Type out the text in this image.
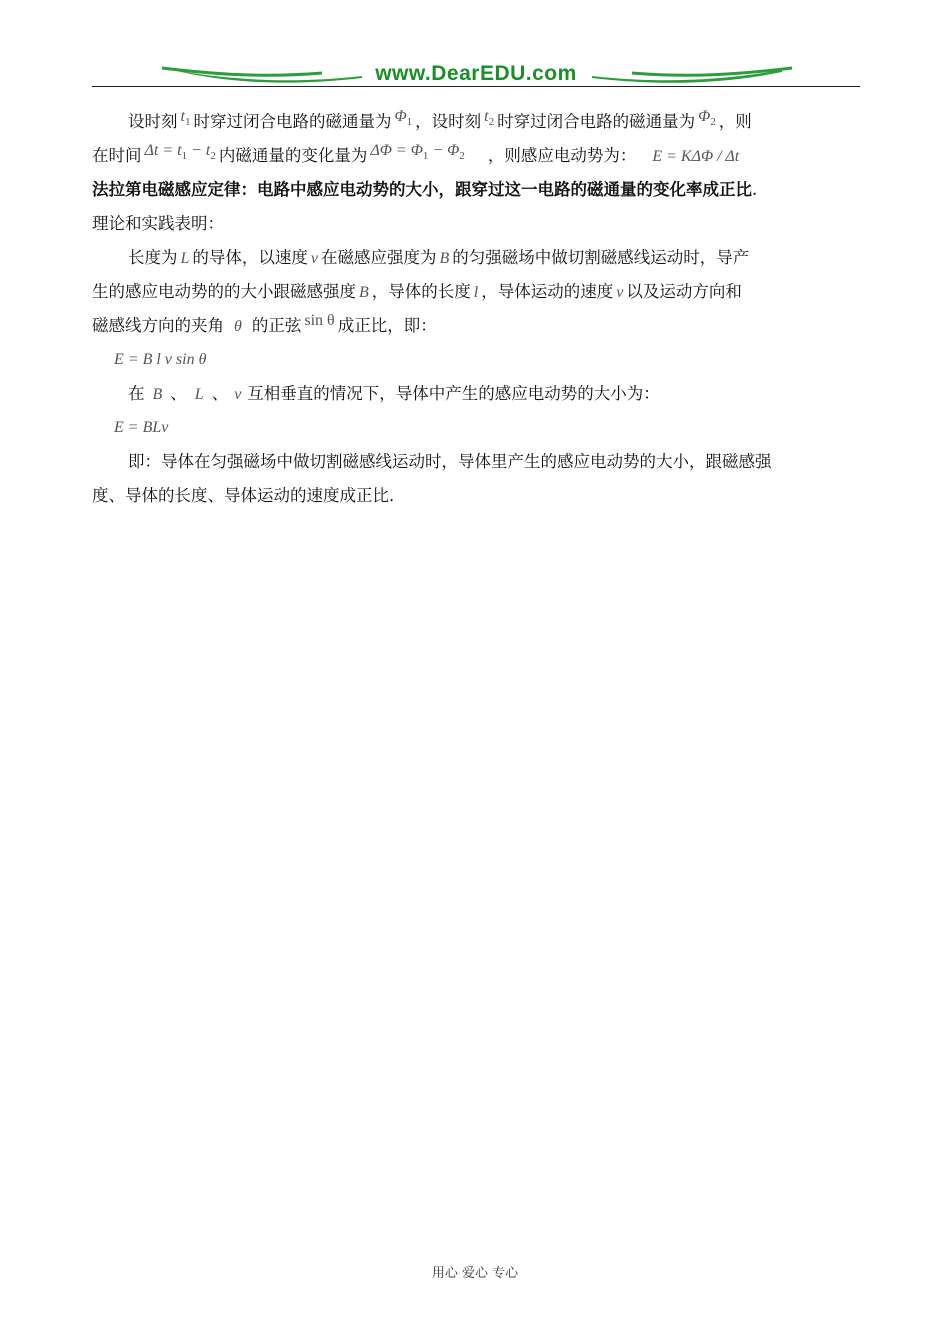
www.DearEDU.com
设时刻 $t_1$ 时穿过闭合电路的磁通量为 $\Phi_1$ ，设时刻 $t_2$ 时穿过闭合电路的磁通量为 $\Phi_2$ ，则
在时间 $\Delta t = t_1 - t_2$ 内磁通量的变化量为 $\Delta\Phi = \Phi_1 - \Phi_2$ ，则感应电动势为： E = KΔΦ / Δt
法拉第电磁感应定律：电路中感应电动势的大小，跟穿过这一电路的磁通量的变化率成正比.
理论和实践表明：
长度为 L 的导体，以速度 v 在磁感应强度为 B 的匀强磁场中做切割磁感线运动时，导产
生的感应电动势的的大小跟磁感强度 B ，导体的长度 l ，导体运动的速度 v 以及运动方向和
磁感线方向的夹角 θ 的正弦 sin θ 成正比，即：
E = B l v sin θ
在 B 、 L 、 v 互相垂直的情况下，导体中产生的感应电动势的大小为：
E = BLv
即：导体在匀强磁场中做切割磁感线运动时，导体里产生的感应电动势的大小，跟磁感强
度、导体的长度、导体运动的速度成正比．
用心 爱心 专心
